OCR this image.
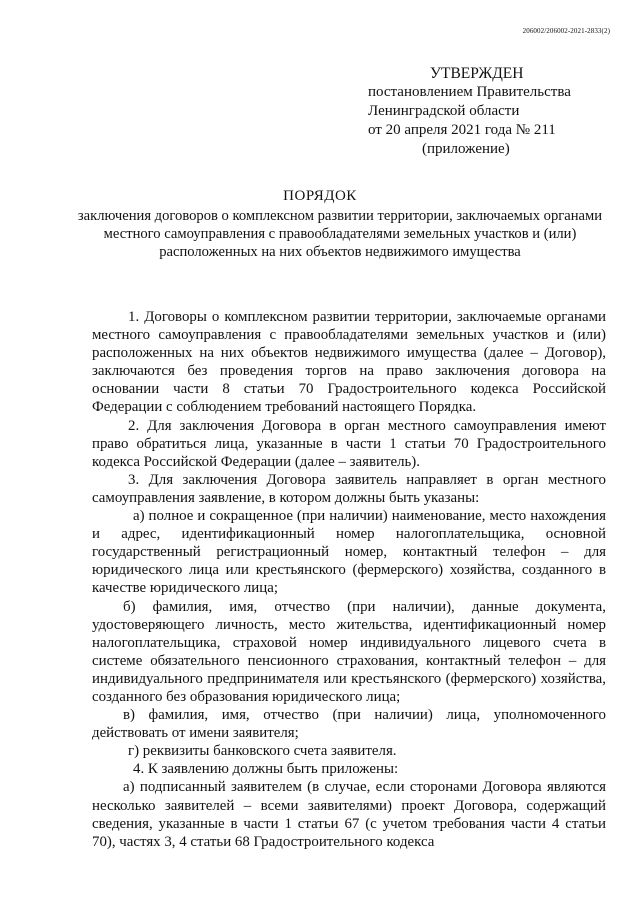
206002/206002-2021-2833(2)
УТВЕРЖДЕН
постановлением Правительства
Ленинградской области
от 20 апреля 2021 года № 211
(приложение)
ПОРЯДОК
заключения договоров о комплексном развитии территории, заключаемых органами местного самоуправления с правообладателями земельных участков и (или) расположенных на них объектов недвижимого имущества

1. Договоры о комплексном развитии территории, заключаемые органами местного самоуправления с правообладателями земельных участков и (или) расположенных на них объектов недвижимого имущества (далее – Договор), заключаются без проведения торгов на право заключения договора на основании части 8 статьи 70 Градостроительного кодекса Российской Федерации с соблюдением требований настоящего Порядка.

2. Для заключения Договора в орган местного самоуправления имеют право обратиться лица, указанные в части 1 статьи 70 Градостроительного кодекса Российской Федерации (далее – заявитель).

3. Для заключения Договора заявитель направляет в орган местного самоуправления заявление, в котором должны быть указаны:

а) полное и сокращенное (при наличии) наименование, место нахождения и адрес, идентификационный номер налогоплательщика, основной государственный регистрационный номер, контактный телефон – для юридического лица или крестьянского (фермерского) хозяйства, созданного в качестве юридического лица;

б) фамилия, имя, отчество (при наличии), данные документа, удостоверяющего личность, место жительства, идентификационный номер налогоплательщика, страховой номер индивидуального лицевого счета в системе обязательного пенсионного страхования, контактный телефон – для индивидуального предпринимателя или крестьянского (фермерского) хозяйства, созданного без образования юридического лица;

в) фамилия, имя, отчество (при наличии) лица, уполномоченного действовать от имени заявителя;

г) реквизиты банковского счета заявителя.

4. К заявлению должны быть приложены:

а) подписанный заявителем (в случае, если сторонами Договора являются несколько заявителей – всеми заявителями) проект Договора, содержащий сведения, указанные в части 1 статьи 67 (с учетом требования части 4 статьи 70), частях 3, 4 статьи 68 Градостроительного кодекса
